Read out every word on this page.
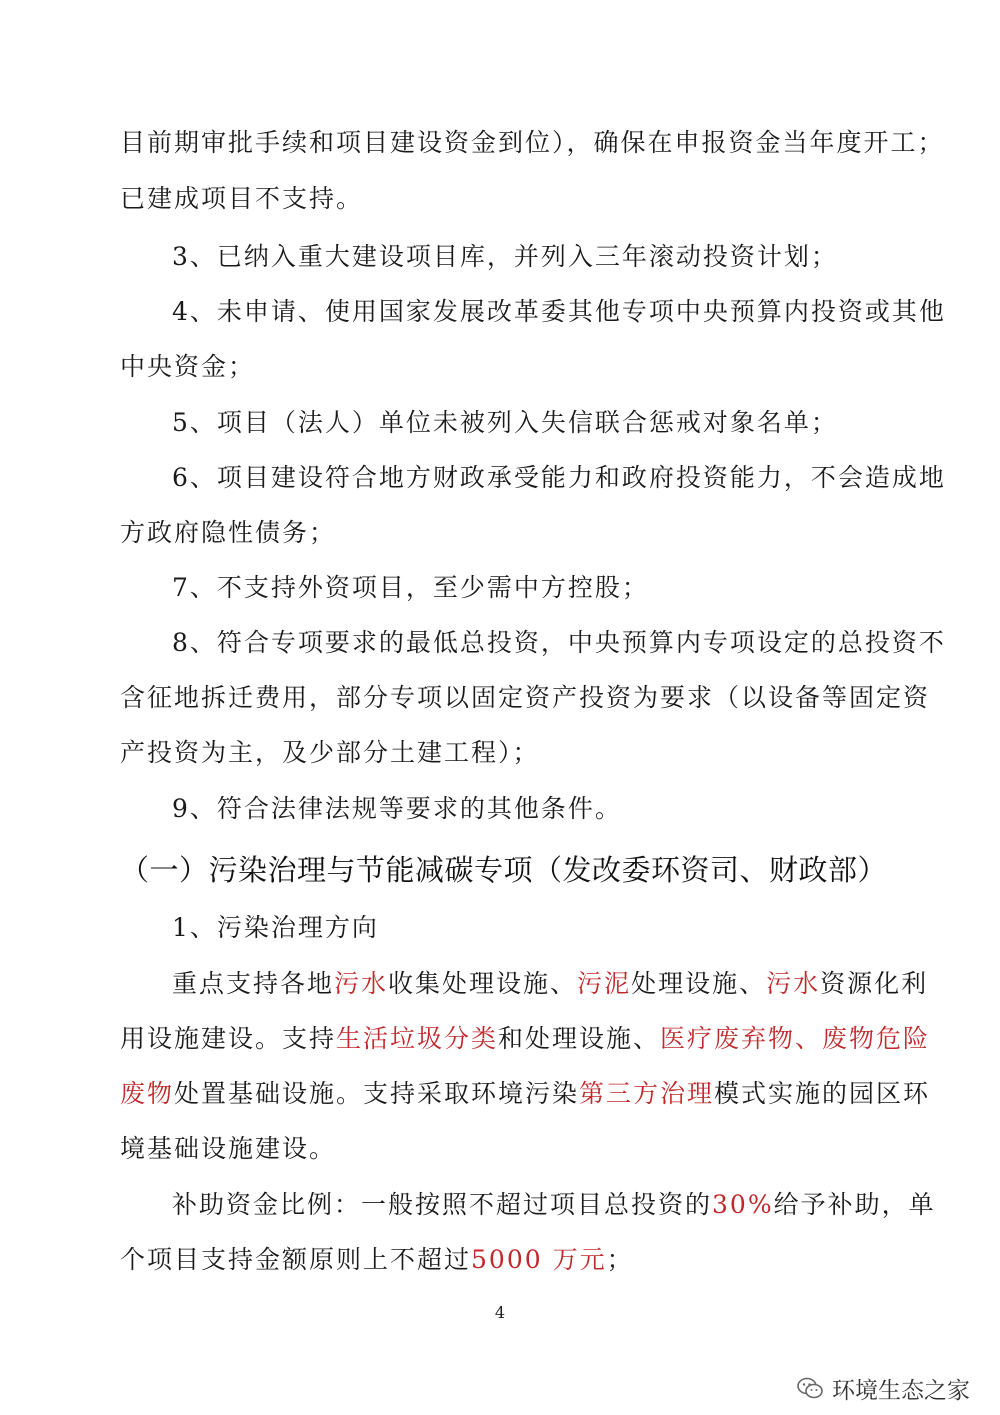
目前期审批手续和项目建设资金到位），确保在申报资金当年度开工；
已建成项目不支持。
3、已纳入重大建设项目库，并列入三年滚动投资计划；
4、未申请、使用国家发展改革委其他专项中央预算内投资或其他
中央资金；
5、项目（法人）单位未被列入失信联合惩戒对象名单；
6、项目建设符合地方财政承受能力和政府投资能力，不会造成地
方政府隐性债务；
7、不支持外资项目，至少需中方控股；
8、符合专项要求的最低总投资，中央预算内专项设定的总投资不
含征地拆迁费用，部分专项以固定资产投资为要求（以设备等固定资
产投资为主，及少部分土建工程）；
9、符合法律法规等要求的其他条件。
（一）污染治理与节能减碳专项（发改委环资司、财政部）
1、污染治理方向
重点支持各地污水收集处理设施、污泥处理设施、污水资源化利
用设施建设。支持生活垃圾分类和处理设施、医疗废弃物、废物危险
废物处置基础设施。支持采取环境污染第三方治理模式实施的园区环
境基础设施建设。
补助资金比例：一般按照不超过项目总投资的30%给予补助，单
个项目支持金额原则上不超过5000 万元；
4
环境生态之家
